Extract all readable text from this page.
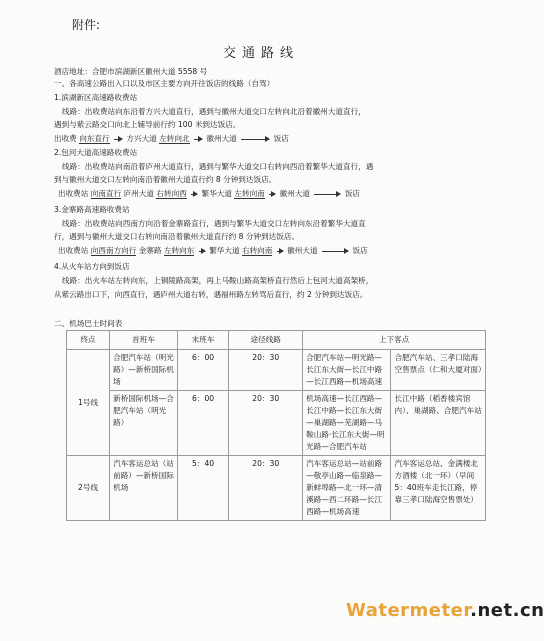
附件:
交通路线
酒店地址：合肥市滨湖新区徽州大道 5558 号
一、各高速公路出入口以及市区主要方向开往饭店的线路（自驾）
1.滨湖新区高速路收费站
线路：出收费站向东沿着方兴大道直行，遇到与徽州大道交口左转向北沿着徽州大道直行，
遇到与紫云路交口向北上辅导前行约 100 米到达饭店。
出收费 向东直行 方兴大道 左转向北 徽州大道	饭店
2.包河大道高速路收费站
线路：出收费站向南沿着庐州大道直行，遇到与繁华大道交口右转向西沿着繁华大道直行，遇
到与徽州大道交口左转向南沿着徽州大道直行约 8 分钟到达饭店。
出收费站 向南直行 庐州大道 右转向西 繁华大道 左转向南 徽州大道	饭店
3.金寨路高速路收费站
线路：出收费站向西南方向沿着金寨路直行，遇到与繁华大道交口左转向东沿着繁华大道直
行，遇到与徽州大道交口右转向南沿着徽州大道直行约 8 分钟到达饭店。
出收费站 向西南方向行 金寨路 左转向东 繁华大道 右转向南 徽州大道	饭店
4.从火车站方向到饭店
线路：出火车站左转向东，上铜陵路高架，再上马鞍山路高架桥直行然后上包河大道高架桥，
从紫云路出口下，向西直行，遇庐州大道右转，遇福州路左转骂后直行，约 2 分钟到达饭店。
二、机场巴士时间表
终点	首班车	末班车	途径线路	上下客点	
1号线	合肥汽车站（明光路）—新桥国际机场	6：00	20：30	合肥汽车站—明光路—长江东大街—长江中路—长江西路—机场高速	合肥汽车站、三孝口陆海空售票点（仁和大厦对面）
	新桥国际机场—合肥汽车站（明光路）	6：00	20：30	机场高速—长江西路—长江中路—长江东大街—巢湖路—芜湖路—马鞍山路·长江东大街—明光路—合肥汽车站	长江中路（稻香楼宾馆内）、巢湖路、合肥汽车站
2号线	汽车客运总站（站前路）—新桥国际机场	5：40	20：30	汽车客运总站—站前路—敬亭山路—临泉路—新蚌埠路—北一环—清溪路—西二环路—长江西路—机场高速	汽车客运总站、金满楼北方酒楼（北一环）（早间5：40班车走长江路，停靠三孝口陆海空售票处）
Watermeter.net.cn
